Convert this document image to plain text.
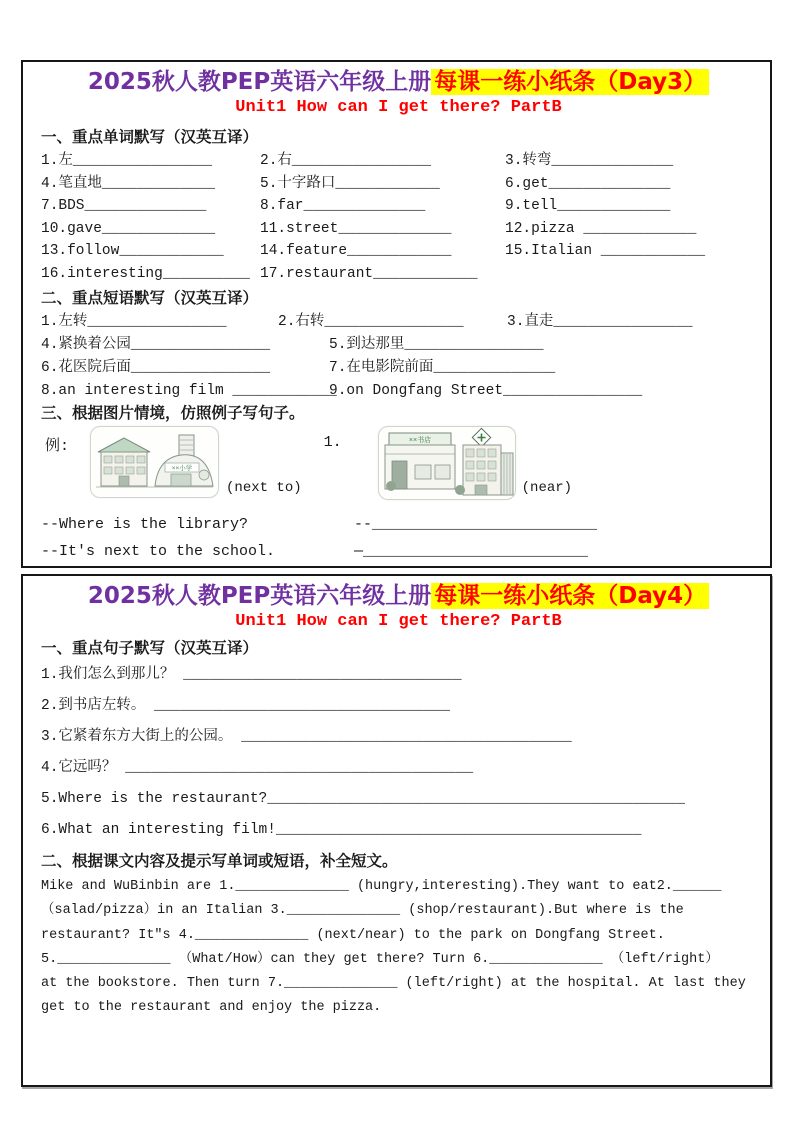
2025秋人教PEP英语六年级上册 每课一练小纸条（Day3）
Unit1 How can I get there? PartB
一、重点单词默写（汉英互译）
1.左________________	2.右________________	3.转弯______________
4.笔直地_____________	5.十字路口____________	6.get______________
7.BDS______________	8.far______________	9.tell_____________
10.gave_____________	11.street_____________	12.pizza _____________
13.follow____________	14.feature____________	15.Italian ____________
16.interesting__________ 17.restaurant____________
二、重点短语默写（汉英互译）
1.左转________________	2.右转________________	3.直走________________
4.紧换着公园________________	5.到达那里________________
6.花医院后面________________	7.在电影院前面______________
8.an interesting film ____________
9.on Dongfang Street________________
三、根据图片情境，仿照例子写句子。
例:
××小学
(next to)
1.	××书店
(near)
--Where is the library?	--_________________________
--It's next to the school.	—_________________________
2025秋人教PEP英语六年级上册 每课一练小纸条（Day4）
Unit1 How can I get there? PartB
一、重点句子默写（汉英互译）
1.我们怎么到那儿？ ________________________________
2.到书店左转。 __________________________________
3.它紧着东方大街上的公园。 ______________________________________
4.它远吗？ ________________________________________
5.Where is the restaurant?________________________________________________
6.What an interesting film!__________________________________________
二、根据课文内容及提示写单词或短语，补全短文。
Mike and WuBinbin are 1.______________ (hungry,interesting).They want to eat2.______
（salad/pizza）in an Italian 3.______________ (shop/restaurant).But where is the
restaurant? It"s 4.______________ (next/near) to the park on Dongfang Street.
5.______________ （What/How）can they get there? Turn 6.______________ （left/right）
at the bookstore. Then turn 7.______________ (left/right) at the hospital. At last they
get to the restaurant and enjoy the pizza.
